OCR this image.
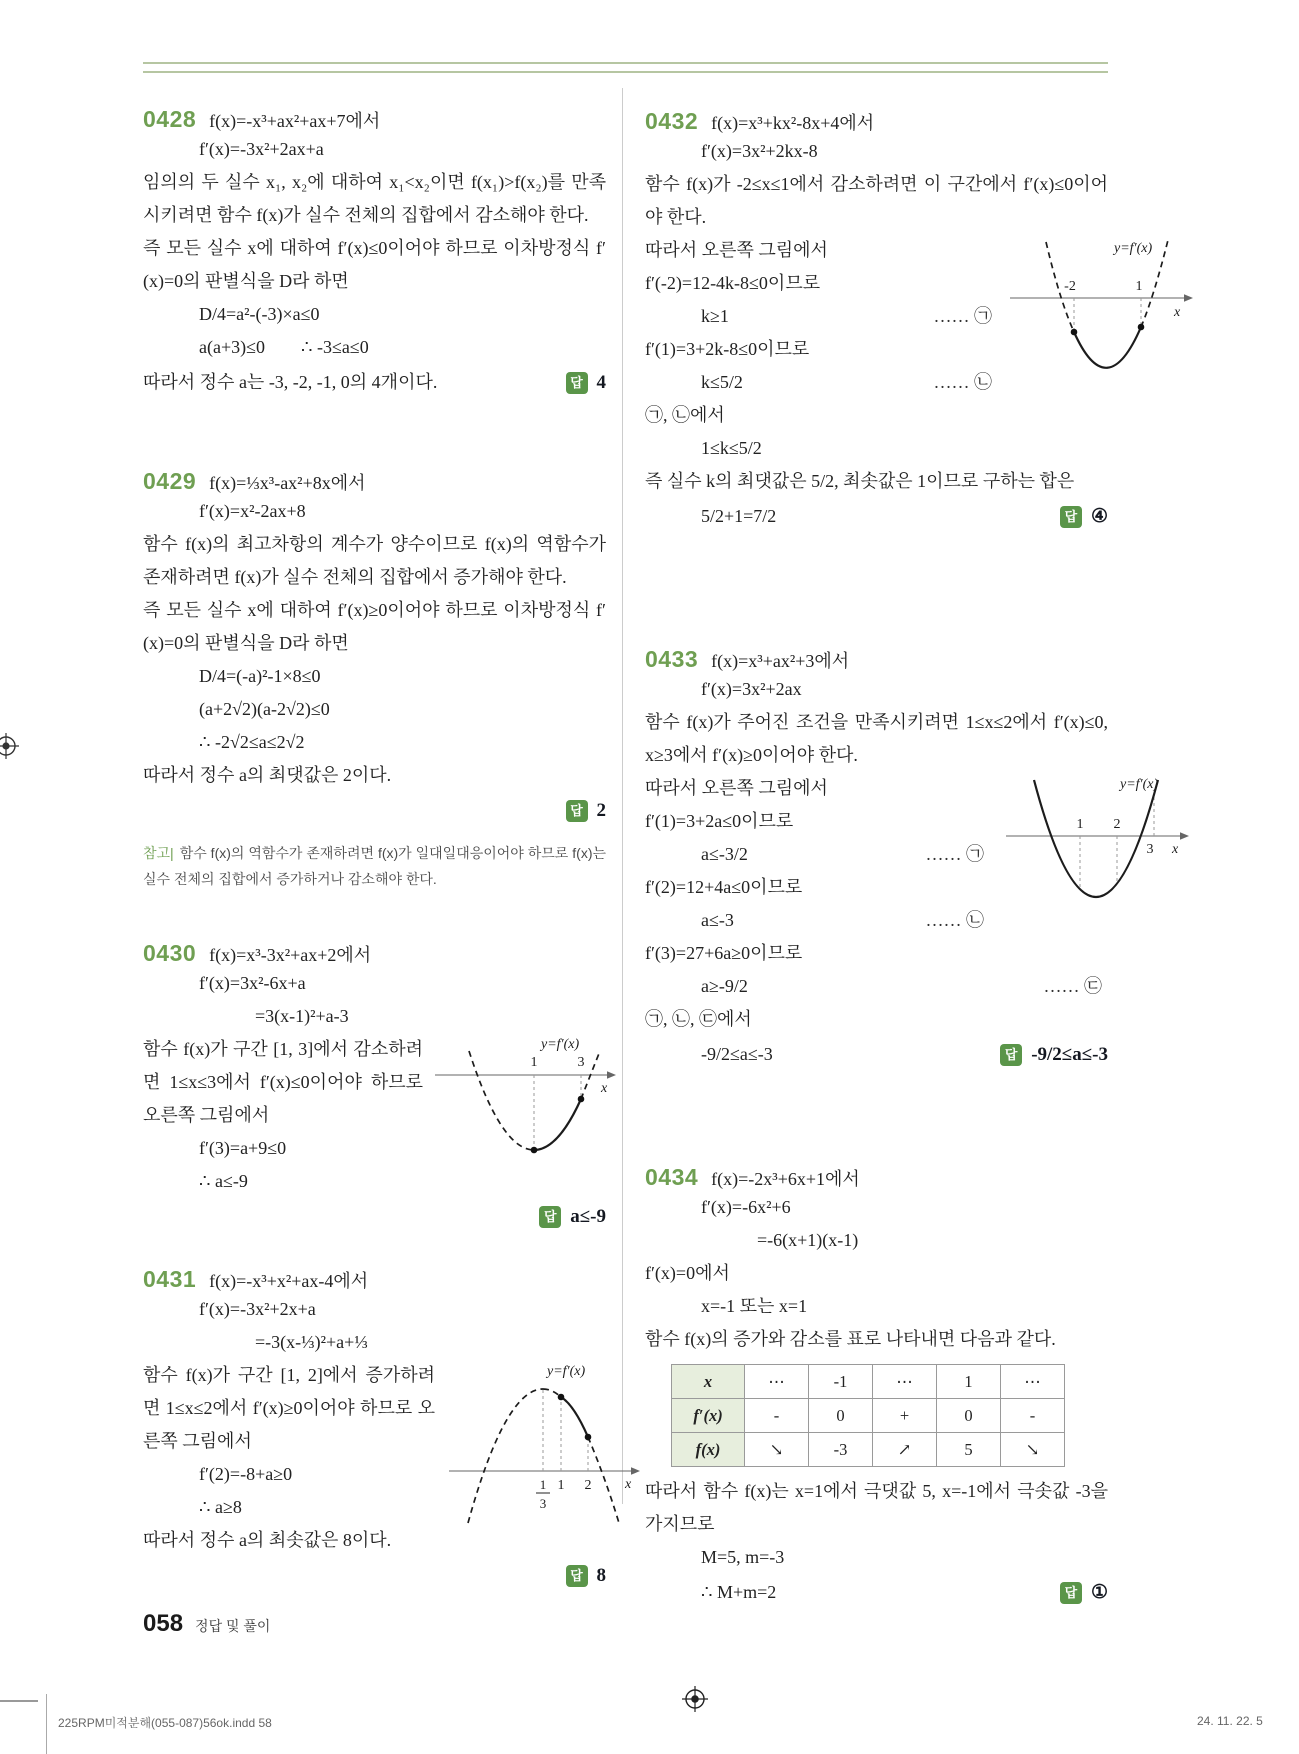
0428 f(x)=-x³+ax²+ax+7에서
f′(x)=-3x²+2ax+a
임의의 두 실수 x₁, x₂에 대하여 x₁<x₂이면 f(x₁)>f(x₂)를 만족시키려면 함수 f(x)가 실수 전체의 집합에서 감소해야 한다.
즉 모든 실수 x에 대하여 f′(x)≤0이어야 하므로 이차방정식 f′(x)=0의 판별식을 D라 하면
D/4=a²-(-3)×a≤0
a(a+3)≤0  ∴ -3≤a≤0
따라서 정수 a는 -3, -2, -1, 0의 4개이다.	답 4
0429 f(x)=⅓x³-ax²+8x에서
f′(x)=x²-2ax+8
함수 f(x)의 최고차항의 계수가 양수이므로 f(x)의 역함수가 존재하려면 f(x)가 실수 전체의 집합에서 증가해야 한다.
즉 모든 실수 x에 대하여 f′(x)≥0이어야 하므로 이차방정식 f′(x)=0의 판별식을 D라 하면
D/4=(-a)²-1×8≤0
(a+2√2)(a-2√2)≤0
∴ -2√2≤a≤2√2
따라서 정수 a의 최댓값은 2이다.
답 2
참고| 함수 f(x)의 역함수가 존재하려면 f(x)가 일대일대응이어야 하므로 f(x)는 실수 전체의 집합에서 증가하거나 감소해야 한다.
0430 f(x)=x³-3x²+ax+2에서
f′(x)=3x²-6x+a
=3(x-1)²+a-3
1	3
y=f′(x)
x
함수 f(x)가 구간 [1, 3]에서 감소하려면 1≤x≤3에서 f′(x)≤0이어야 하므로 오른쪽 그림에서
f′(3)=a+9≤0
∴ a≤-9
답 a≤-9
0431 f(x)=-x³+x²+ax-4에서
f′(x)=-3x²+2x+a
=-3(x-⅓)²+a+⅓
1
3
1 2
y=f′(x)
x
함수 f(x)가 구간 [1, 2]에서 증가하려면 1≤x≤2에서 f′(x)≥0이어야 하므로 오른쪽 그림에서
f′(2)=-8+a≥0
∴ a≥8
따라서 정수 a의 최솟값은 8이다.
답 8
0432 f(x)=x³+kx²-8x+4에서
f′(x)=3x²+2kx-8
함수 f(x)가 -2≤x≤1에서 감소하려면 이 구간에서 f′(x)≤0이어야 한다.
-2	1
y=f′(x)
x
따라서 오른쪽 그림에서
f′(-2)=12-4k-8≤0이므로
k≥1	…… ㉠
f′(1)=3+2k-8≤0이므로
k≤5/2	…… ㉡
㉠, ㉡에서
1≤k≤5/2
즉 실수 k의 최댓값은 5/2, 최솟값은 1이므로 구하는 합은
5/2+1=7/2	답 ④
0433 f(x)=x³+ax²+3에서
f′(x)=3x²+2ax
함수 f(x)가 주어진 조건을 만족시키려면 1≤x≤2에서 f′(x)≤0, x≥3에서 f′(x)≥0이어야 한다.
1 2
3
y=f′(x)
x
따라서 오른쪽 그림에서
f′(1)=3+2a≤0이므로
a≤-3/2	…… ㉠
f′(2)=12+4a≤0이므로
a≤-3	…… ㉡
f′(3)=27+6a≥0이므로
a≥-9/2	…… ㉢
㉠, ㉡, ㉢에서
-9/2≤a≤-3	답 -9/2≤a≤-3
0434 f(x)=-2x³+6x+1에서
f′(x)=-6x²+6
=-6(x+1)(x-1)
f′(x)=0에서
x=-1 또는 x=1
함수 f(x)의 증가와 감소를 표로 나타내면 다음과 같다.
x	⋯	-1	⋯	1	⋯
f′(x)	-	0	+	0	-
f(x)	↘	-3	↗	5	↘
따라서 함수 f(x)는 x=1에서 극댓값 5, x=-1에서 극솟값 -3을 가지므로
M=5, m=-3
∴ M+m=2	답 ①
058 정답 및 풀이
225RPM미적분해(055-087)56ok.indd 58	24. 11. 22. 5
